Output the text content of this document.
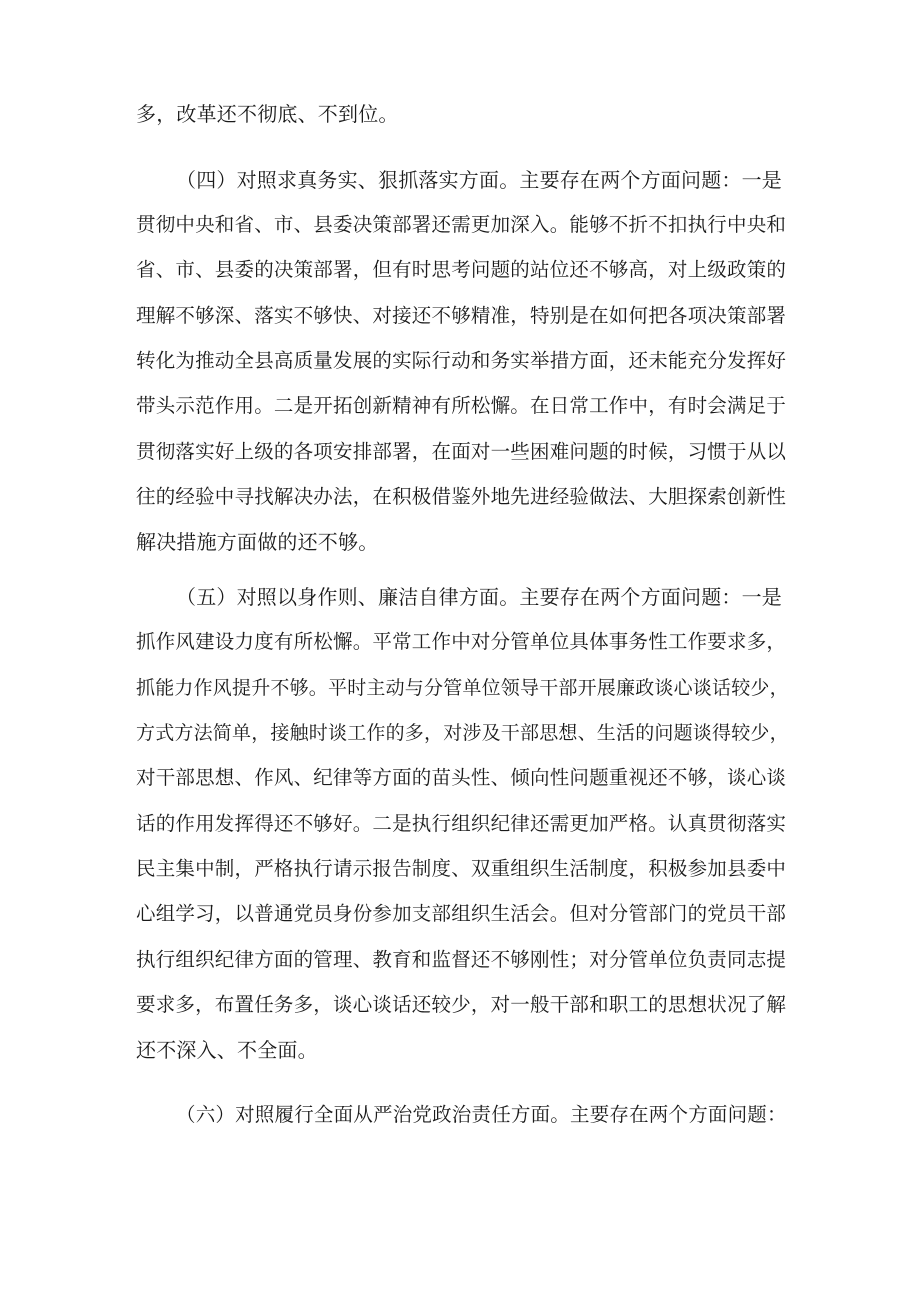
多，改革还不彻底、不到位。
（四）对照求真务实、狠抓落实方面。主要存在两个方面问题：一是
贯彻中央和省、市、县委决策部署还需更加深入。能够不折不扣执行中央和
省、市、县委的决策部署，但有时思考问题的站位还不够高，对上级政策的
理解不够深、落实不够快、对接还不够精准，特别是在如何把各项决策部署
转化为推动全县高质量发展的实际行动和务实举措方面，还未能充分发挥好
带头示范作用。二是开拓创新精神有所松懈。在日常工作中，有时会满足于
贯彻落实好上级的各项安排部署，在面对一些困难问题的时候，习惯于从以
往的经验中寻找解决办法，在积极借鉴外地先进经验做法、大胆探索创新性
解决措施方面做的还不够。
（五）对照以身作则、廉洁自律方面。主要存在两个方面问题：一是
抓作风建设力度有所松懈。平常工作中对分管单位具体事务性工作要求多，
抓能力作风提升不够。平时主动与分管单位领导干部开展廉政谈心谈话较少，
方式方法简单，接触时谈工作的多，对涉及干部思想、生活的问题谈得较少，
对干部思想、作风、纪律等方面的苗头性、倾向性问题重视还不够，谈心谈
话的作用发挥得还不够好。二是执行组织纪律还需更加严格。认真贯彻落实
民主集中制，严格执行请示报告制度、双重组织生活制度，积极参加县委中
心组学习，以普通党员身份参加支部组织生活会。但对分管部门的党员干部
执行组织纪律方面的管理、教育和监督还不够刚性；对分管单位负责同志提
要求多，布置任务多，谈心谈话还较少，对一般干部和职工的思想状况了解
还不深入、不全面。
（六）对照履行全面从严治党政治责任方面。主要存在两个方面问题：
